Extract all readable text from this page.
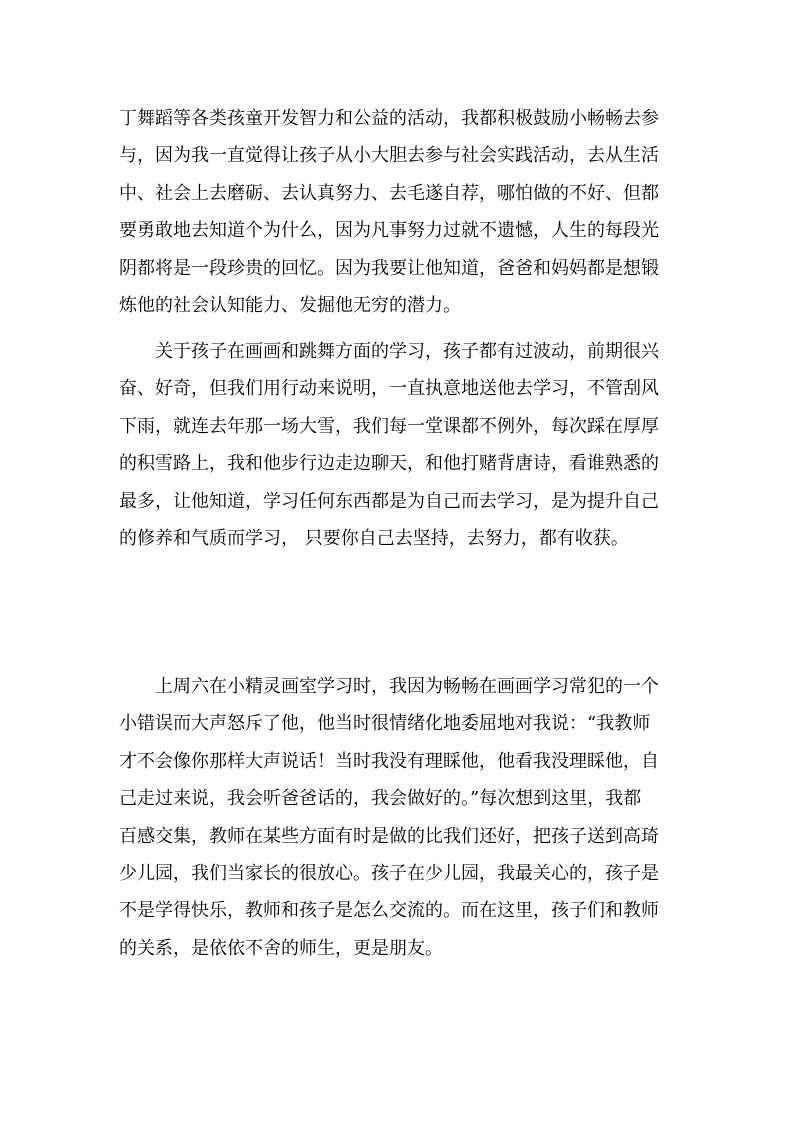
丁舞蹈等各类孩童开发智力和公益的活动，我都积极鼓励小畅畅去参
与，因为我一直觉得让孩子从小大胆去参与社会实践活动，去从生活
中、社会上去磨砺、去认真努力、去毛遂自荐，哪怕做的不好、但都
要勇敢地去知道个为什么，因为凡事努力过就不遗憾，人生的每段光
阴都将是一段珍贵的回忆。因为我要让他知道，爸爸和妈妈都是想锻
炼他的社会认知能力、发掘他无穷的潜力。
关于孩子在画画和跳舞方面的学习，孩子都有过波动，前期很兴
奋、好奇，但我们用行动来说明，一直执意地送他去学习，不管刮风
下雨，就连去年那一场大雪，我们每一堂课都不例外，每次踩在厚厚
的积雪路上，我和他步行边走边聊天，和他打赌背唐诗，看谁熟悉的
最多，让他知道，学习任何东西都是为自己而去学习，是为提升自己
的修养和气质而学习， 只要你自己去坚持，去努力，都有收获。
上周六在小精灵画室学习时，我因为畅畅在画画学习常犯的一个
小错误而大声怒斥了他，他当时很情绪化地委屈地对我说：“我教师
才不会像你那样大声说话！当时我没有理睬他，他看我没理睬他，自
己走过来说，我会听爸爸话的，我会做好的。”每次想到这里，我都
百感交集，教师在某些方面有时是做的比我们还好，把孩子送到高琦
少儿园，我们当家长的很放心。孩子在少儿园，我最关心的，孩子是
不是学得快乐，教师和孩子是怎么交流的。而在这里，孩子们和教师
的关系，是依依不舍的师生，更是朋友。
